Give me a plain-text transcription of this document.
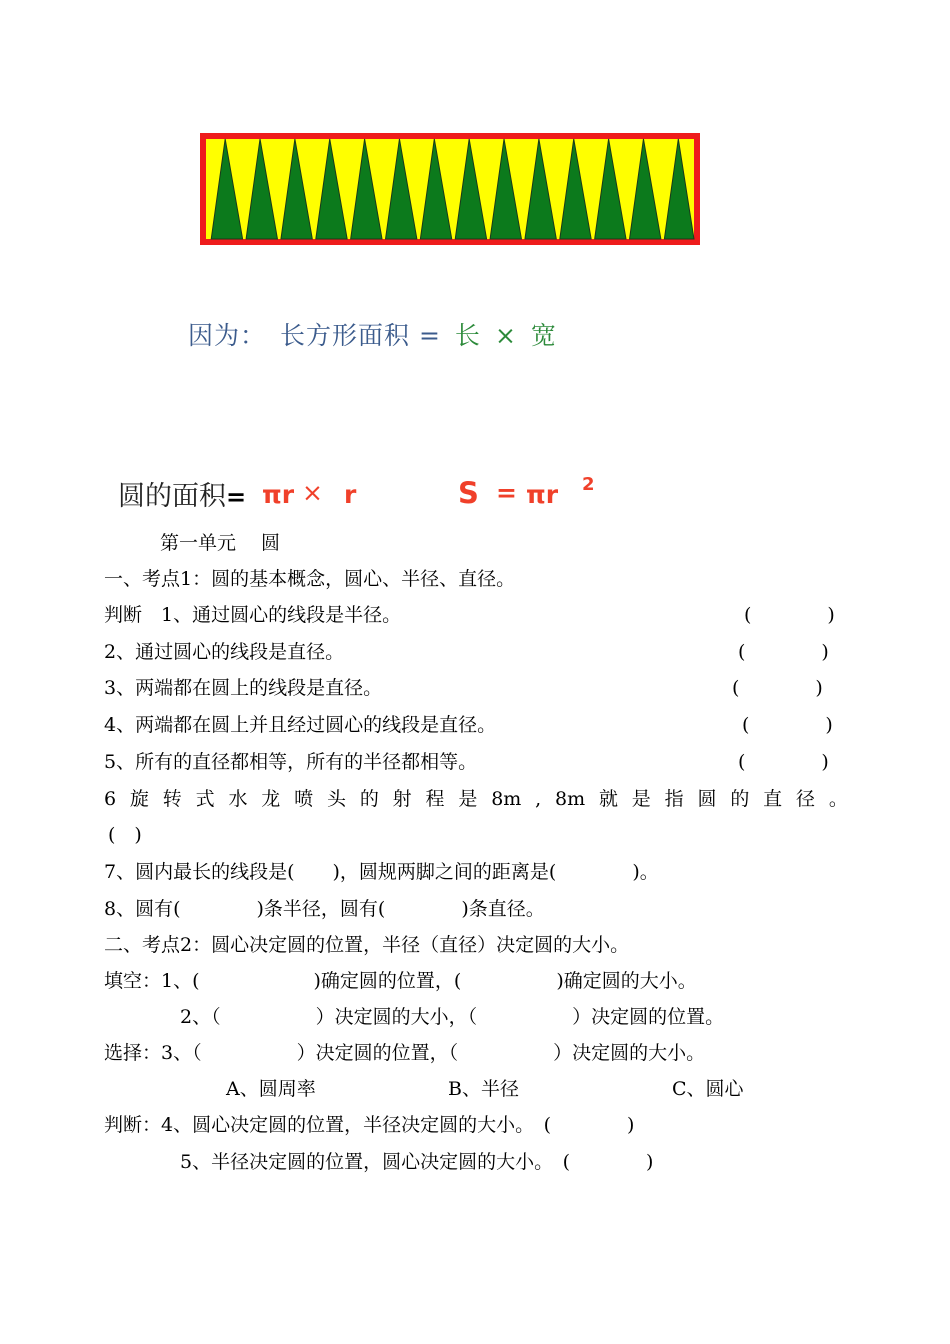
因为： 长方形面积 = 长 × 宽
圆的面积= πr × r	S = πr 2
第一单元　 圆
一、考点1：圆的基本概念，圆心、半径、直径。
判断　1、通过圆心的线段是半径。	(　　　　)
2、通过圆心的线段是直径。	(　　　　)
3、两端都在圆上的线段是直径。	(　　　　)
4、两端都在圆上并且经过圆心的线段是直径。	(　　　　)
5、所有的直径都相等，所有的半径都相等。	(　　　　)
6 旋 转 式 水 龙 喷 头 的 射 程 是 8m , 8m 就 是 指 圆 的 直 径 。
(　)
7、圆内最长的线段是(　　)，圆规两脚之间的距离是(　　　　)。
8、圆有(　　　　)条半径，圆有(　　　　)条直径。
二、考点2：圆心决定圆的位置，半径（直径）决定圆的大小。
填空：1、(　　　　　　)确定圆的位置，(　　　　　)确定圆的大小。
2、（　　　　　）决定圆的大小，（　　　　　）决定圆的位置。
选择：3、（　　　　　）决定圆的位置，（　　　　　）决定圆的大小。
A、圆周率	B、半径	C、圆心
判断：4、圆心决定圆的位置，半径决定圆的大小。　(　　　　)
5、半径决定圆的位置，圆心决定圆的大小。　(　　　　)
